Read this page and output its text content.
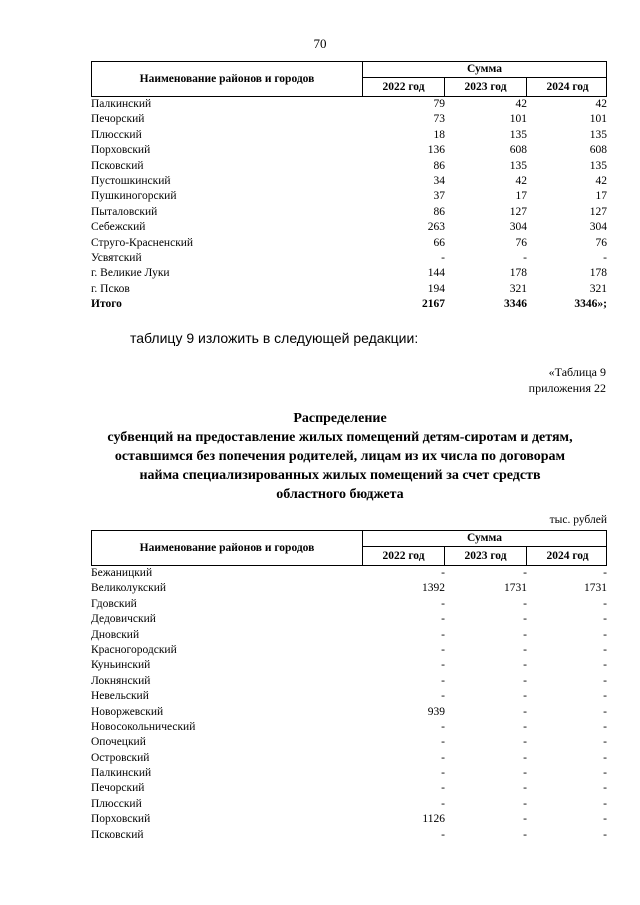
70
Наименование районов и городов
Сумма
2022 год	2023 год	2024 год
Палкинский	79	42	42
Печорский	73	101	101
Плюсский	18	135	135
Порховский	136	608	608
Псковский	86	135	135
Пустошкинский	34	42	42
Пушкиногорский	37	17	17
Пыталовский	86	127	127
Себежский	263	304	304
Струго-Красненский	66	76	76
Усвятский	-	-	-
г. Великие Луки	144	178	178
г. Псков	194	321	321
Итого	2167	3346	3346»;
таблицу 9 изложить в следующей редакции:
«Таблица 9
приложения 22
Распределение
субвенций на предоставление жилых помещений детям-сиротам и детям,
оставшимся без попечения родителей, лицам из их числа по договорам
найма специализированных жилых помещений за счет средств
областного бюджета
тыс. рублей
Наименование районов и городов
Сумма
2022 год	2023 год	2024 год
Бежаницкий	-	-	-
Великолукский	1392	1731	1731
Гдовский	-	-	-
Дедовичский	-	-	-
Дновский	-	-	-
Красногородский	-	-	-
Куньинский	-	-	-
Локнянский	-	-	-
Невельский	-	-	-
Новоржевский	939	-	-
Новосокольнический	-	-	-
Опочецкий	-	-	-
Островский	-	-	-
Палкинский	-	-	-
Печорский	-	-	-
Плюсский	-	-	-
Порховский	1126	-	-
Псковский	-	-	-
